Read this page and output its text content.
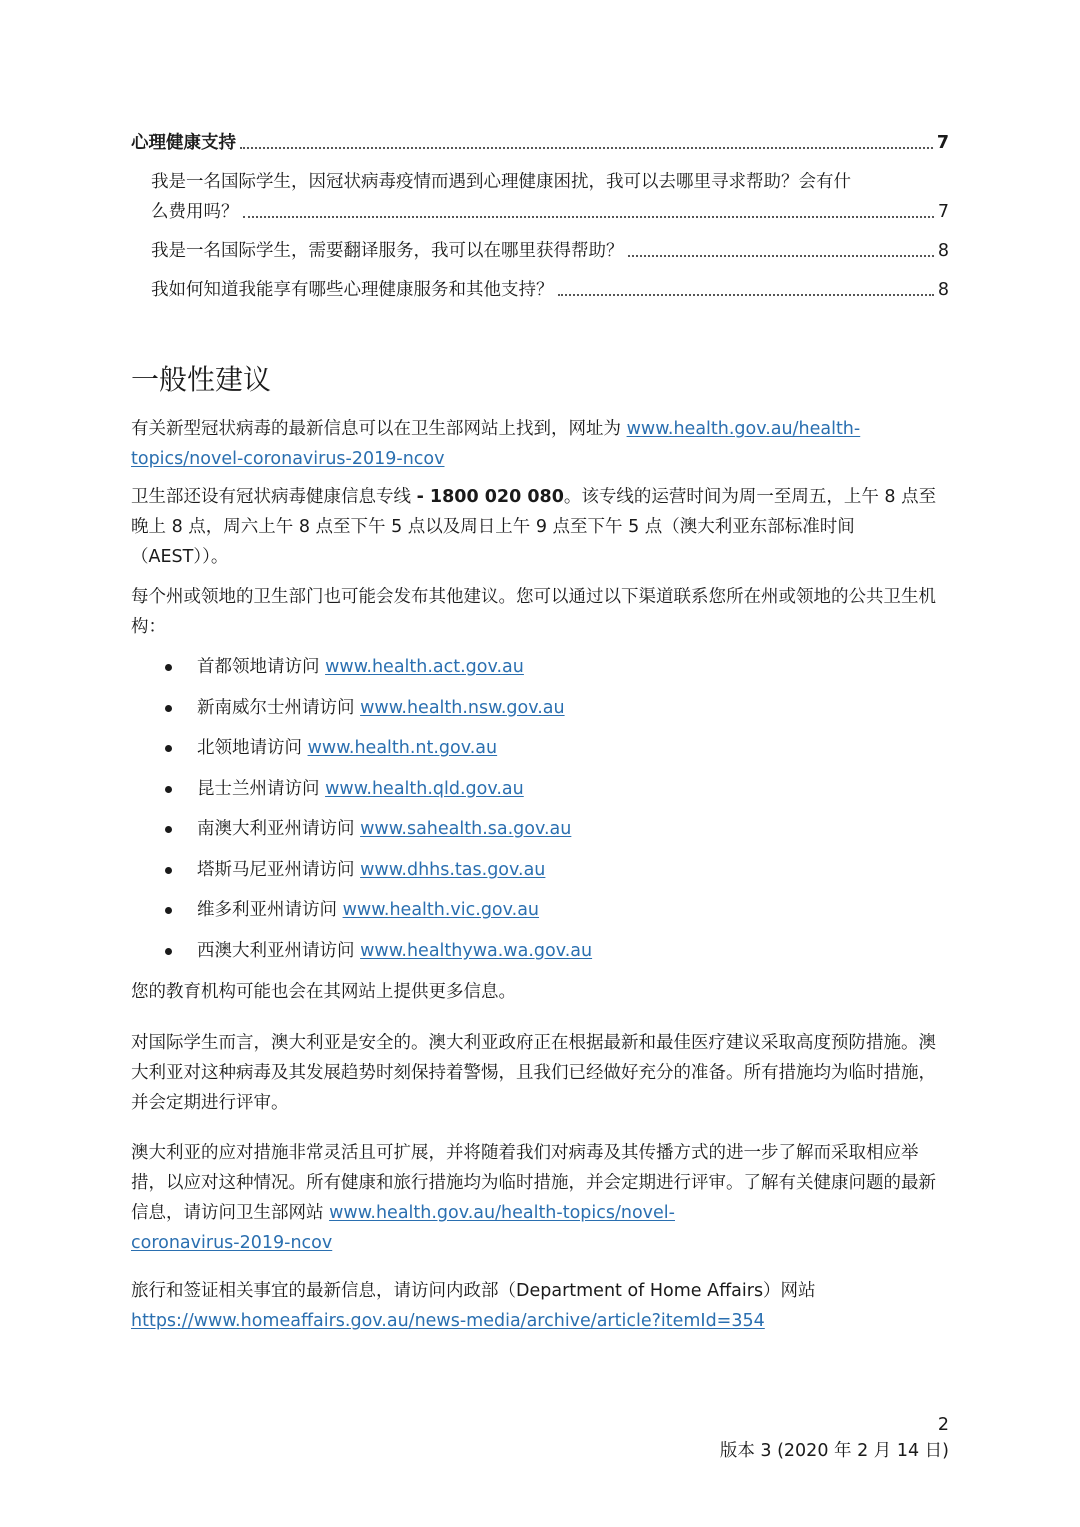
心理健康支持	7
我是一名国际学生，因冠状病毒疫情而遇到心理健康困扰，我可以去哪里寻求帮助？会有什
么费用吗？	7
我是一名国际学生，需要翻译服务，我可以在哪里获得帮助？	8
我如何知道我能享有哪些心理健康服务和其他支持？	8
一般性建议
有关新型冠状病毒的最新信息可以在卫生部网站上找到，网址为 www.health.gov.au/health-
topics/novel-coronavirus-2019-ncov
卫生部还设有冠状病毒健康信息专线 - 1800 020 080。该专线的运营时间为周一至周五，上午 8 点至晚上 8 点，周六上午 8 点至下午 5 点以及周日上午 9 点至下午 5 点（澳大利亚东部标准时间（AEST））。
每个州或领地的卫生部门也可能会发布其他建议。您可以通过以下渠道联系您所在州或领地的公共卫生机构：
首都领地请访问 www.health.act.gov.au
新南威尔士州请访问 www.health.nsw.gov.au
北领地请访问 www.health.nt.gov.au
昆士兰州请访问 www.health.qld.gov.au
南澳大利亚州请访问 www.sahealth.sa.gov.au
塔斯马尼亚州请访问 www.dhhs.tas.gov.au
维多利亚州请访问 www.health.vic.gov.au
西澳大利亚州请访问 www.healthywa.wa.gov.au
您的教育机构可能也会在其网站上提供更多信息。
对国际学生而言，澳大利亚是安全的。澳大利亚政府正在根据最新和最佳医疗建议采取高度预防措施。澳大利亚对这种病毒及其发展趋势时刻保持着警惕，且我们已经做好充分的准备。所有措施均为临时措施，并会定期进行评审。
澳大利亚的应对措施非常灵活且可扩展，并将随着我们对病毒及其传播方式的进一步了解而采取相应举措，以应对这种情况。所有健康和旅行措施均为临时措施，并会定期进行评审。了解有关健康问题的最新信息，请访问卫生部网站 www.health.gov.au/health-topics/novel-
coronavirus-2019-ncov
旅行和签证相关事宜的最新信息，请访问内政部（Department of Home Affairs）网站
https://www.homeaffairs.gov.au/news-media/archive/article?itemId=354
2
版本 3 (2020 年 2 月 14 日)
